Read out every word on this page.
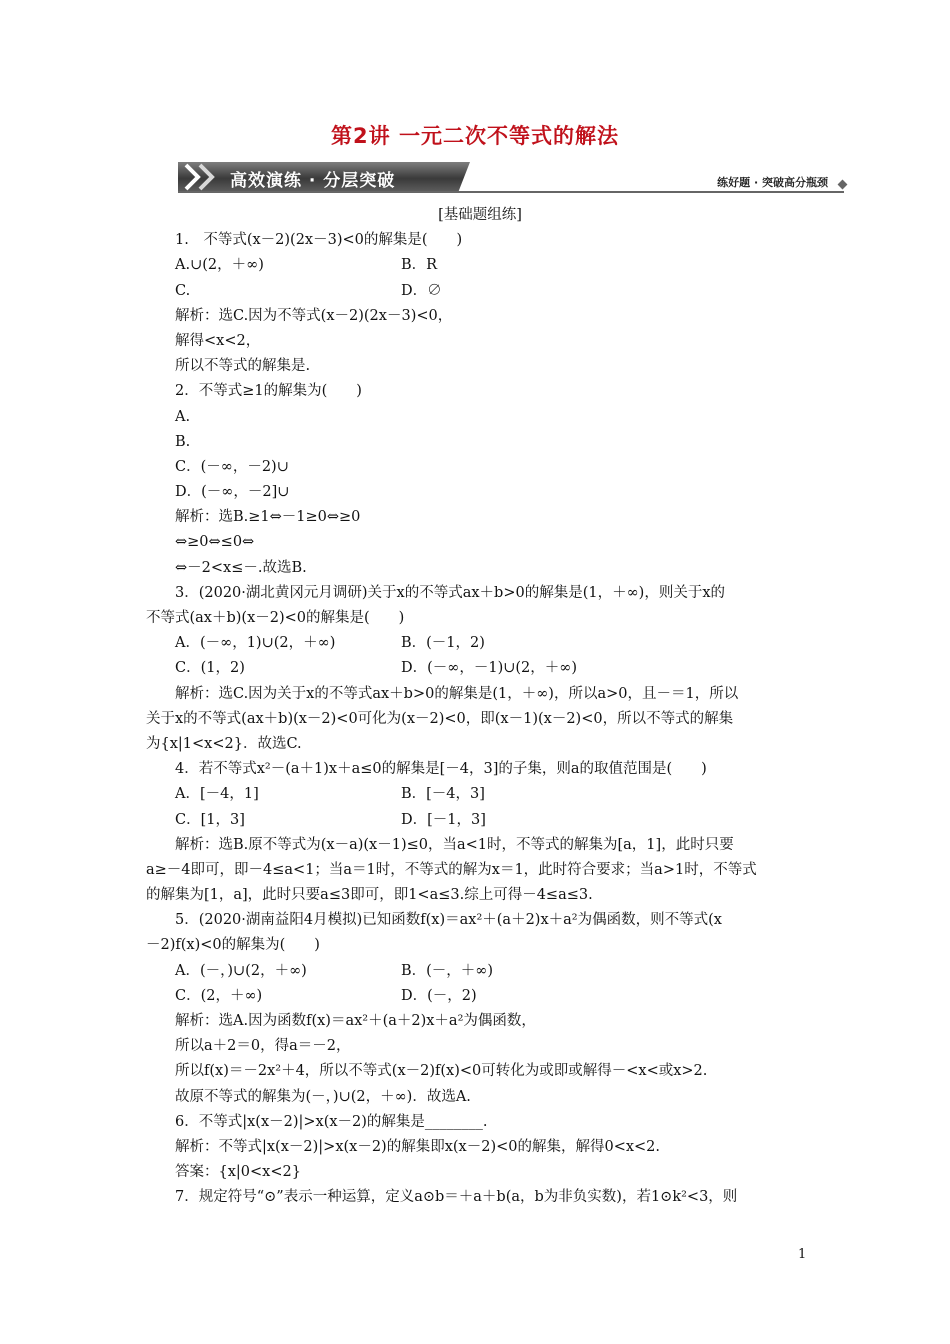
第2讲 一元二次不等式的解法
高效演练 · 分层突破	练好题 · 突破高分瓶颈
[基础题组练]
1.　不等式(x－2)(2x－3)<0的解集是(　　)
A.∪(2，＋∞)	B．R
C.	D．∅
解析：选C.因为不等式(x－2)(2x－3)<0，
解得<x<2，
所以不等式的解集是.
2．不等式≥1的解集为(　　)
A.
B.
C．(－∞，－2)∪
D．(－∞，－2]∪
解析：选B.≥1⇔－1≥0⇔≥0
⇔≥0⇔≤0⇔
⇔－2<x≤－.故选B.
3．(2020·湖北黄冈元月调研)关于x的不等式ax＋b>0的解集是(1，＋∞)，则关于x的
不等式(ax＋b)(x－2)<0的解集是(　　)
A．(－∞，1)∪(2，＋∞)	B．(－1，2)
C．(1，2)	D．(－∞，－1)∪(2，＋∞)
解析：选C.因为关于x的不等式ax＋b>0的解集是(1，＋∞)，所以a>0，且－＝1，所以
关于x的不等式(ax＋b)(x－2)<0可化为(x－2)<0，即(x－1)(x－2)<0，所以不等式的解集
为{x|1<x<2}．故选C.
4．若不等式x²－(a＋1)x＋a≤0的解集是[－4，3]的子集，则a的取值范围是(　　)
A．[－4，1]	B．[－4，3]
C．[1，3]	D．[－1，3]
解析：选B.原不等式为(x－a)(x－1)≤0，当a<1时，不等式的解集为[a，1]，此时只要
a≥－4即可，即－4≤a<1；当a＝1时，不等式的解为x＝1，此时符合要求；当a>1时，不等式
的解集为[1，a]，此时只要a≤3即可，即1<a≤3.综上可得－4≤a≤3.
5．(2020·湖南益阳4月模拟)已知函数f(x)＝ax²＋(a＋2)x＋a²为偶函数，则不等式(x
－2)f(x)<0的解集为(　　)
A．(－，)∪(2，＋∞)	B．(－，＋∞)
C．(2，＋∞)	D．(－，2)
解析：选A.因为函数f(x)＝ax²＋(a＋2)x＋a²为偶函数，
所以a＋2＝0，得a＝－2，
所以f(x)＝－2x²＋4，所以不等式(x－2)f(x)<0可转化为或即或解得－<x<或x>2.
故原不等式的解集为(－，)∪(2，＋∞)．故选A.
6．不等式|x(x－2)|>x(x－2)的解集是________.
解析：不等式|x(x－2)|>x(x－2)的解集即x(x－2)<0的解集，解得0<x<2.
答案：{x|0<x<2}
7．规定符号“⊙”表示一种运算，定义a⊙b＝＋a＋b(a，b为非负实数)，若1⊙k²<3，则
1
